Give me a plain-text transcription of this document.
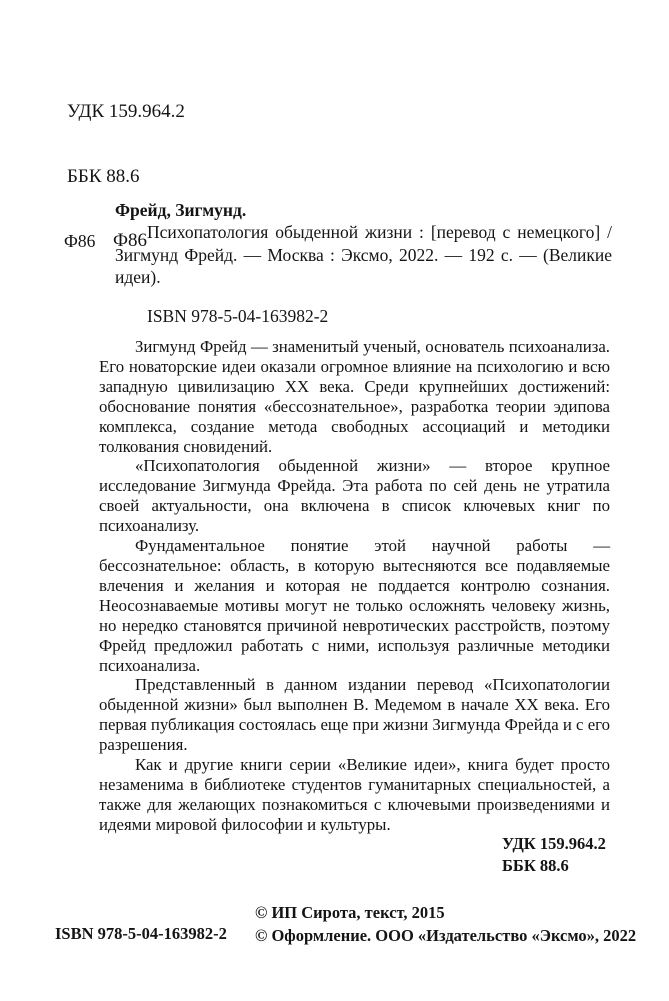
УДК 159.964.2

ББК 88.6

Ф86

Ф86
Фрейд, Зигмунд.
Психопатология обыденной жизни : [перевод с немецкого] / Зигмунд Фрейд. — Москва : Эксмо, 2022. — 192 с. — (Великие идеи).
ISBN 978-5-04-163982-2

Зигмунд Фрейд — знаменитый ученый, основатель психоанализа. Его новаторские идеи оказали огромное влияние на психологию и всю западную цивилизацию XX века. Среди крупнейших достижений: обоснование понятия «бессознательное», разработка теории эдипова комплекса, создание метода свободных ассоциаций и методики толкования сновидений.

«Психопатология обыденной жизни» — второе крупное исследование Зигмунда Фрейда. Эта работа по сей день не утратила своей актуальности, она включена в список ключевых книг по психоанализу.

Фундаментальное понятие этой научной работы — бессознательное: область, в которую вытесняются все подавляемые влечения и желания и которая не поддается контролю сознания. Неосознаваемые мотивы могут не только осложнять человеку жизнь, но нередко становятся причиной невротических расстройств, поэтому Фрейд предложил работать с ними, используя различные методики психоанализа.

Представленный в данном издании перевод «Психопатологии обыденной жизни» был выполнен В. Медемом в начале XX века. Его первая публикация состоялась еще при жизни Зигмунда Фрейда и с его разрешения.

Как и другие книги серии «Великие идеи», книга будет просто незаменима в библиотеке студентов гуманитарных специальностей, а также для желающих познакомиться с ключевыми произведениями и идеями мировой философии и культуры.

УДК 159.964.2
ББК 88.6
ISBN 978-5-04-163982-2
© ИП Сирота, текст, 2015
© Оформление. ООО «Издательство «Эксмо», 2022
